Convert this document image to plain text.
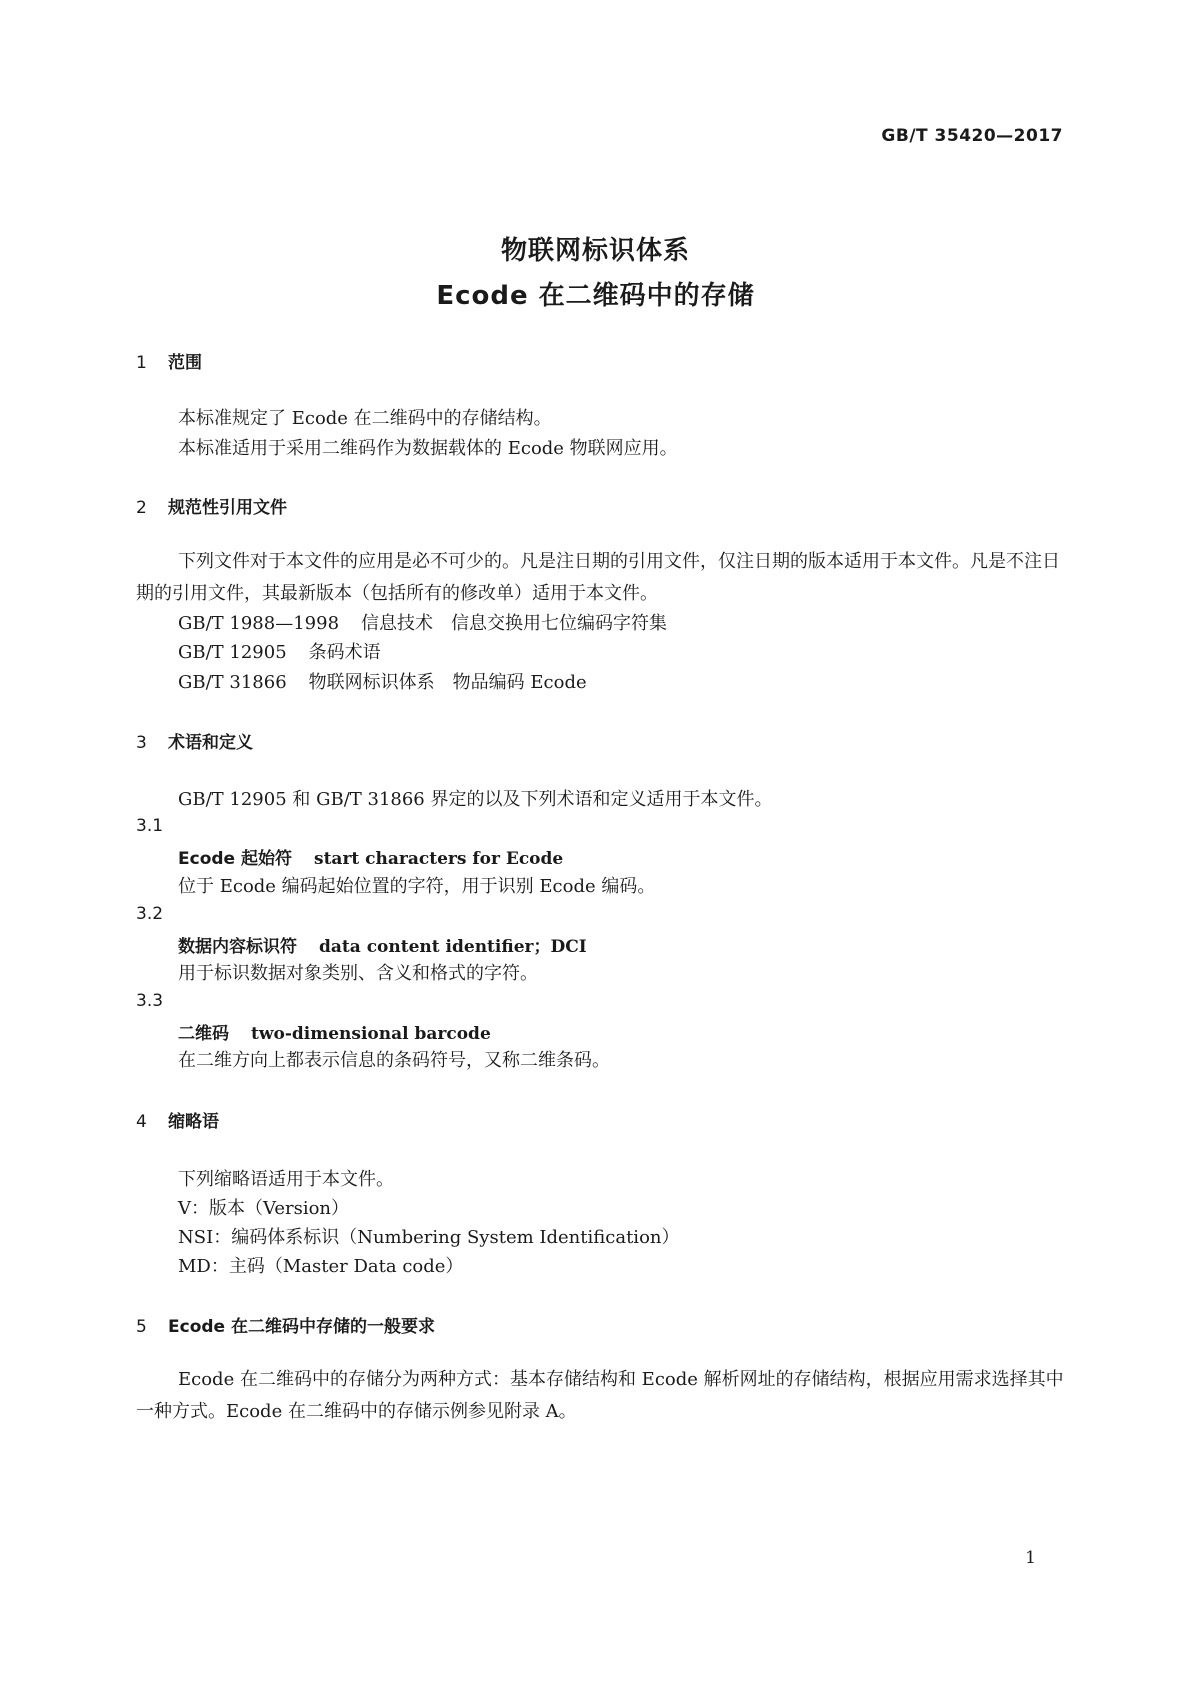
GB/T 35420—2017
物联网标识体系
Ecode 在二维码中的存储
1 范围
本标准规定了 Ecode 在二维码中的存储结构。
本标准适用于采用二维码作为数据载体的 Ecode 物联网应用。
2 规范性引用文件
下列文件对于本文件的应用是必不可少的。凡是注日期的引用文件，仅注日期的版本适用于本文件。凡是不注日期的引用文件，其最新版本（包括所有的修改单）适用于本文件。
GB/T 1988—1998 信息技术　信息交换用七位编码字符集
GB/T 12905 条码术语
GB/T 31866 物联网标识体系　物品编码 Ecode
3 术语和定义
GB/T 12905 和 GB/T 31866 界定的以及下列术语和定义适用于本文件。
3.1
Ecode 起始符 start characters for Ecode
位于 Ecode 编码起始位置的字符，用于识别 Ecode 编码。
3.2
数据内容标识符 data content identifier；DCI
用于标识数据对象类别、含义和格式的字符。
3.3
二维码 two-dimensional barcode
在二维方向上都表示信息的条码符号，又称二维条码。
4 缩略语
下列缩略语适用于本文件。
V：版本（Version）
NSI：编码体系标识（Numbering System Identification）
MD：主码（Master Data code）
5 Ecode 在二维码中存储的一般要求
Ecode 在二维码中的存储分为两种方式：基本存储结构和 Ecode 解析网址的存储结构，根据应用需求选择其中一种方式。Ecode 在二维码中的存储示例参见附录 A。
1
